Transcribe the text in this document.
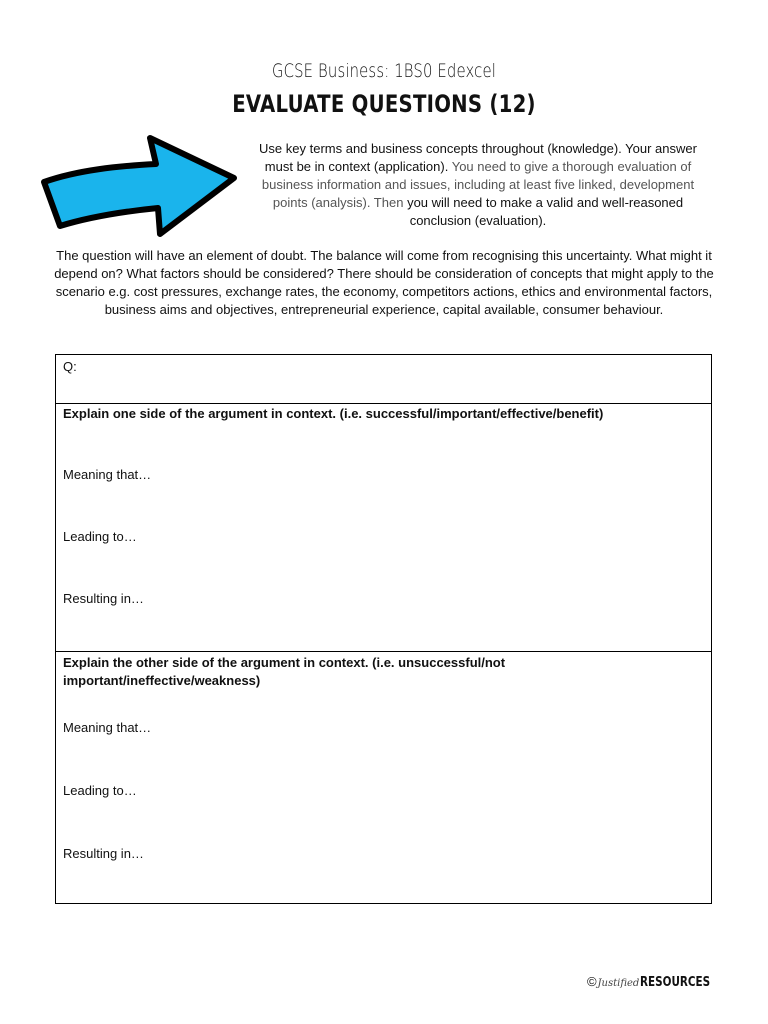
GCSE Business: 1BS0 Edexcel
EVALUATE QUESTIONS (12)
Use key terms and business concepts throughout (knowledge). Your answer must be in context (application). You need to give a thorough evaluation of business information and issues, including at least five linked, development points (analysis). Then you will need to make a valid and well-reasoned conclusion (evaluation).
The question will have an element of doubt. The balance will come from recognising this uncertainty. What might it depend on? What factors should be considered? There should be consideration of concepts that might apply to the scenario e.g. cost pressures, exchange rates, the economy, competitors actions, ethics and environmental factors, business aims and objectives, entrepreneurial experience, capital available, consumer behaviour.
Q:
Explain one side of the argument in context. (i.e. successful/important/effective/benefit)
Meaning that…
Leading to…
Resulting in…
Explain the other side of the argument in context. (i.e. unsuccessful/not important/ineffective/weakness)
Meaning that…
Leading to…
Resulting in…
© Justified RESOURCES
